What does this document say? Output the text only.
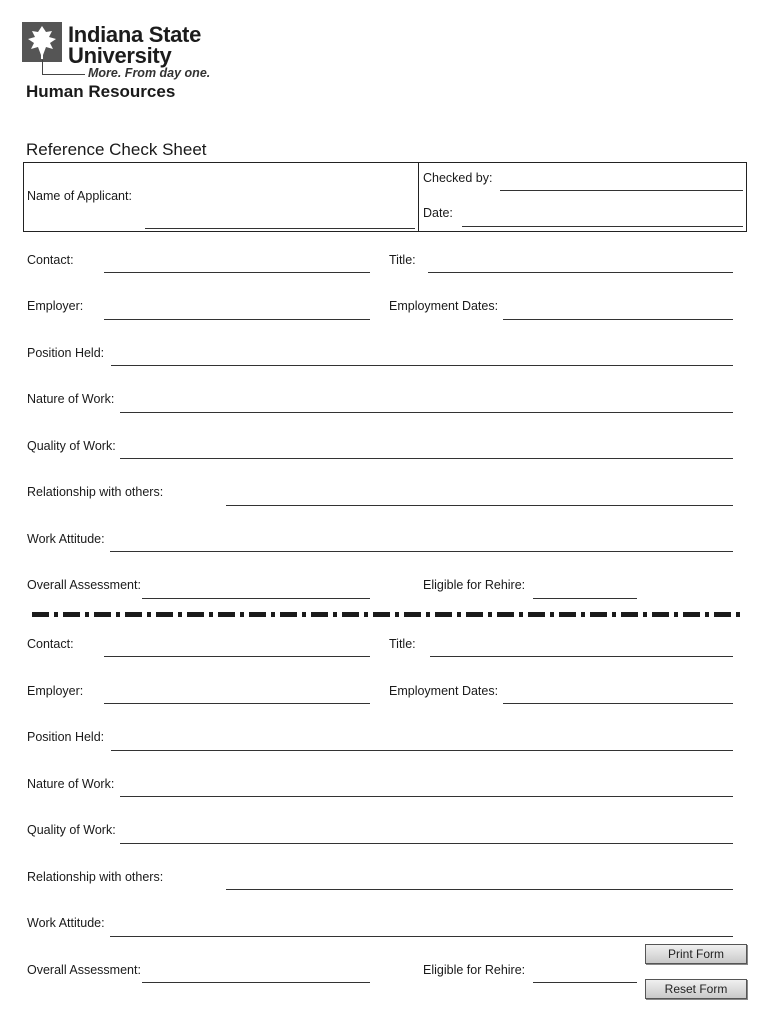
Indiana State
University
More. From day one.
Human Resources
Reference Check Sheet
Name of Applicant:
Checked by:
Date:
Contact:	Title:
Employer:	Employment Dates:
Position Held:
Nature of Work:
Quality of Work:
Relationship with others:
Work Attitude:
Overall Assessment:	Eligible for Rehire:
Contact:	Title:
Employer:	Employment Dates:
Position Held:
Nature of Work:
Quality of Work:
Relationship with others:
Work Attitude:
Overall Assessment:	Eligible for Rehire:
Print Form
Reset Form
